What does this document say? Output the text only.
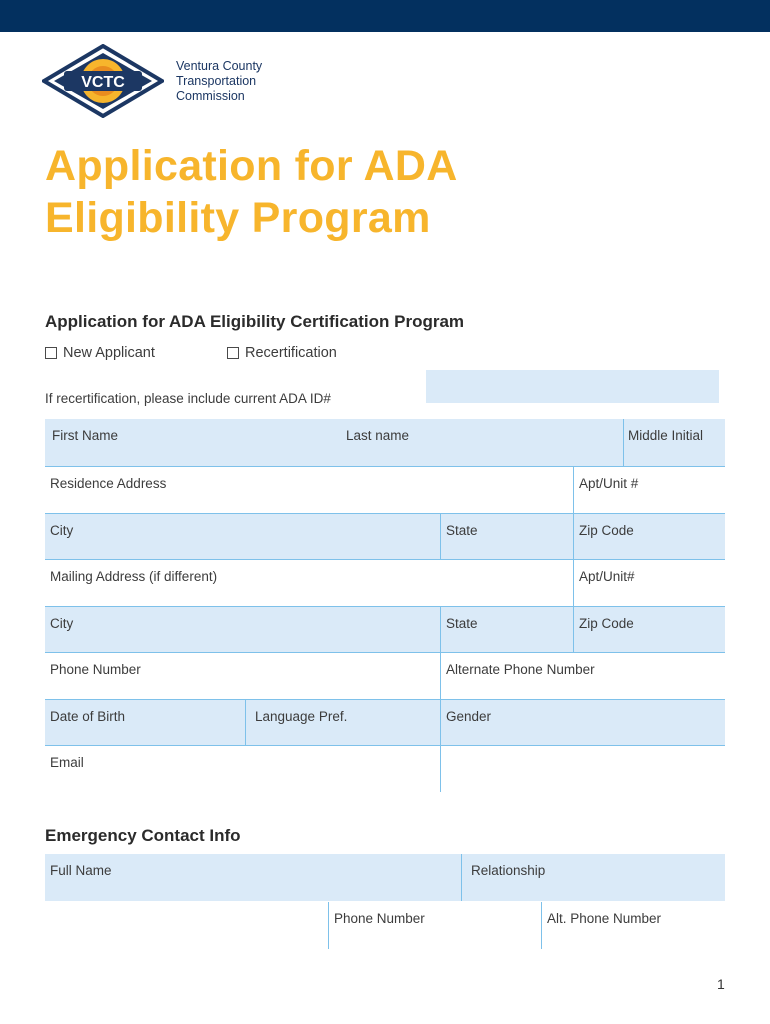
VCTC
Ventura County
Transportation
Commission
Application for ADA
Eligibility Program
Application for ADA Eligibility Certification Program
New Applicant	Recertification
If recertification, please include current ADA ID#
First Name	Last name	Middle Initial
Residence Address	Apt/Unit #
City	State	Zip Code
Mailing Address (if different)	Apt/Unit#
City	State	Zip Code
Phone Number	Alternate Phone Number
Date of Birth	Language Pref.	Gender
Email
Emergency Contact Info
Full Name	Relationship
Phone Number	Alt. Phone Number
1
